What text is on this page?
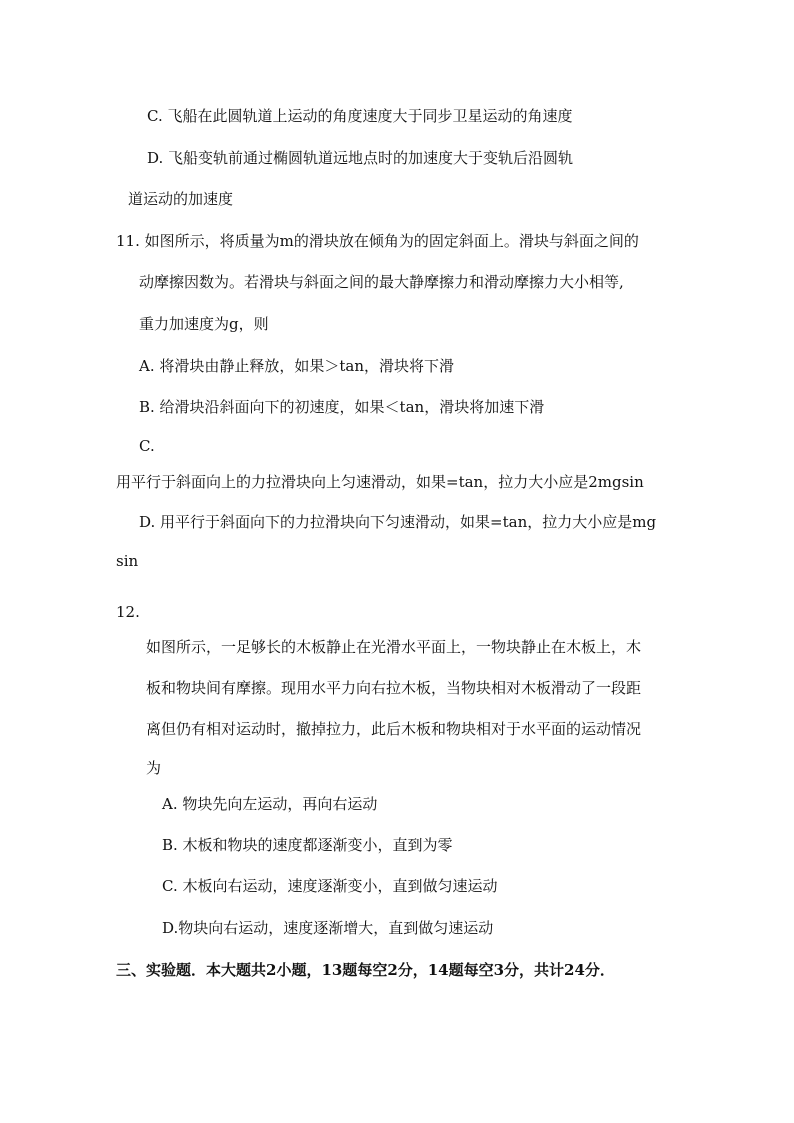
C. 飞船在此圆轨道上运动的角度速度大于同步卫星运动的角速度
D. 飞船变轨前通过椭圆轨道远地点时的加速度大于变轨后沿圆轨
道运动的加速度
11. 如图所示，将质量为m的滑块放在倾角为的固定斜面上。滑块与斜面之间的
动摩擦因数为。若滑块与斜面之间的最大静摩擦力和滑动摩擦力大小相等,
重力加速度为g，则
A. 将滑块由静止释放，如果＞tan，滑块将下滑
B. 给滑块沿斜面向下的初速度，如果＜tan，滑块将加速下滑
C.
用平行于斜面向上的力拉滑块向上匀速滑动，如果=tan，拉力大小应是2mgsin
D. 用平行于斜面向下的力拉滑块向下匀速滑动，如果=tan，拉力大小应是mg
sin
12.
如图所示，一足够长的木板静止在光滑水平面上，一物块静止在木板上，木
板和物块间有摩擦。现用水平力向右拉木板，当物块相对木板滑动了一段距
离但仍有相对运动时，撤掉拉力，此后木板和物块相对于水平面的运动情况
为
A. 物块先向左运动，再向右运动
B. 木板和物块的速度都逐渐变小，直到为零
C. 木板向右运动，速度逐渐变小，直到做匀速运动
D.物块向右运动，速度逐渐增大，直到做匀速运动
三、实验题．本大题共2小题，13题每空2分，14题每空3分，共计24分．
